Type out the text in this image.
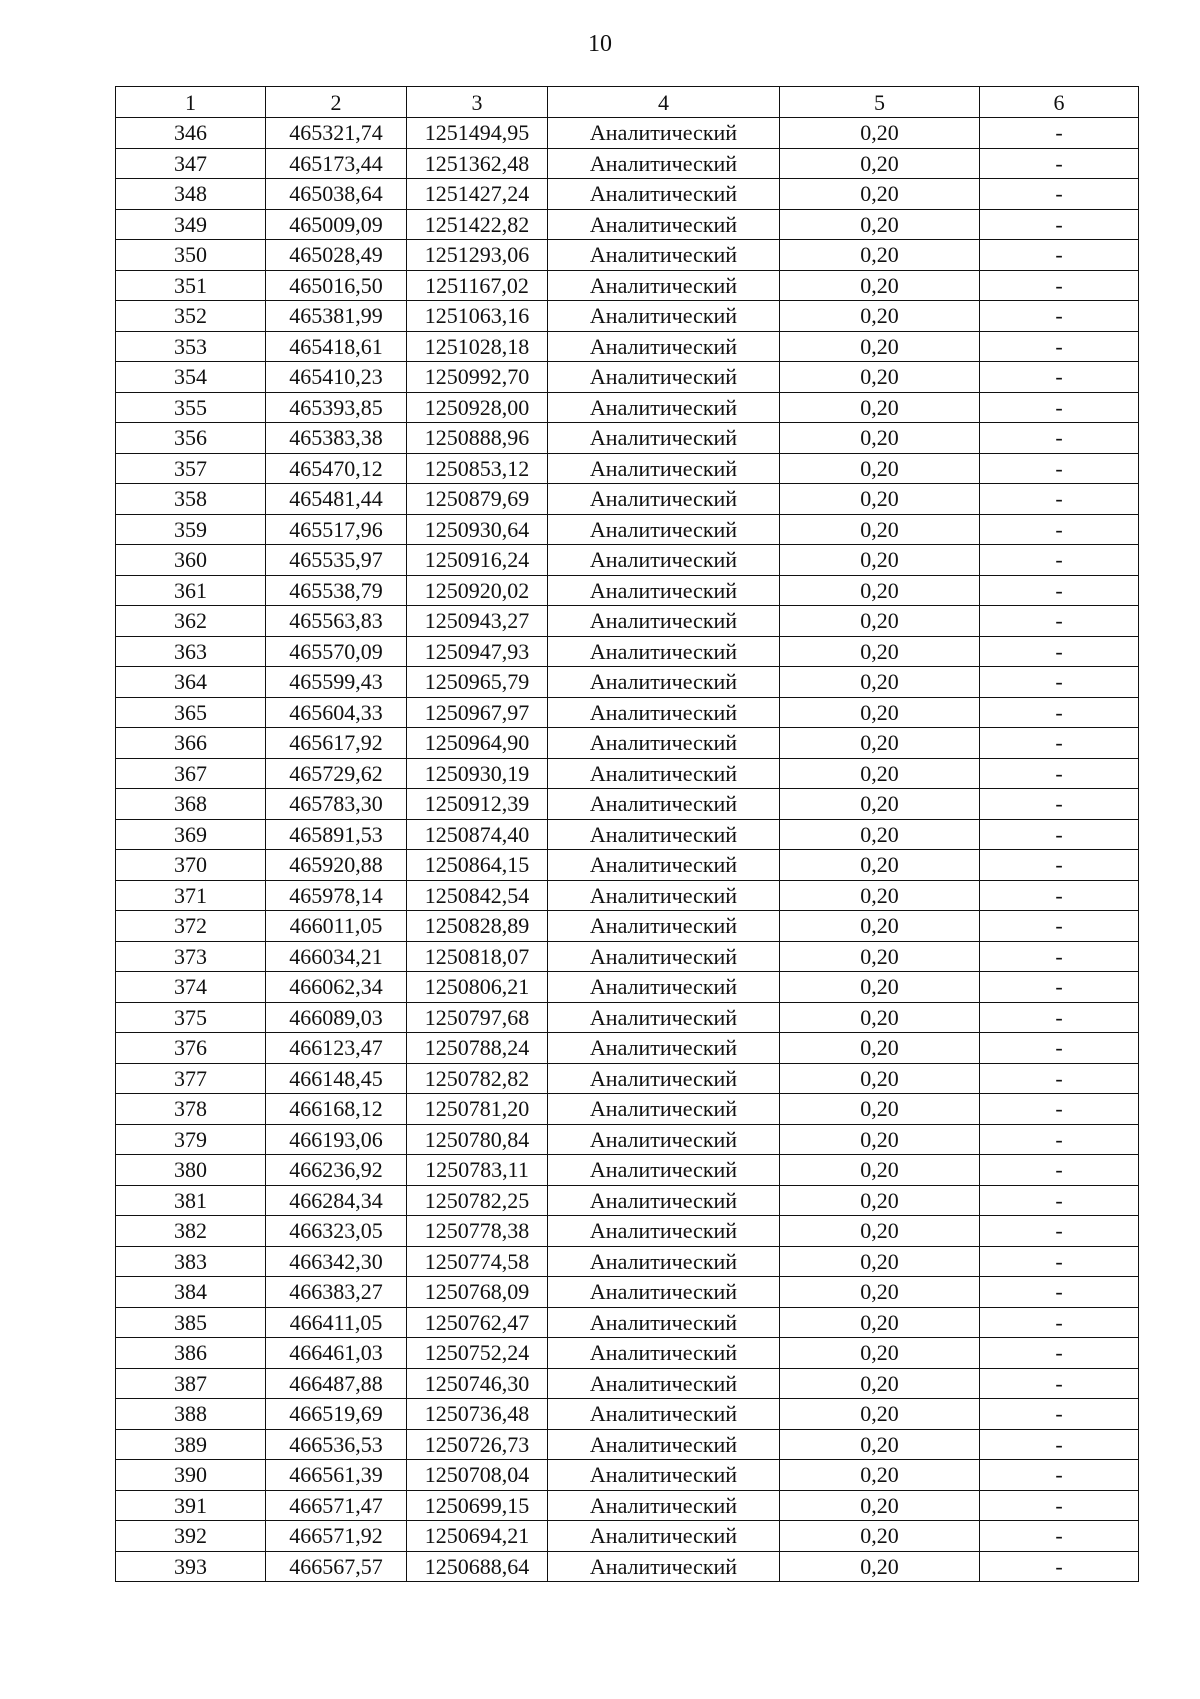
10
1	2	3	4	5	6
346	465321,74	1251494,95	Аналитический	0,20	-
347	465173,44	1251362,48	Аналитический	0,20	-
348	465038,64	1251427,24	Аналитический	0,20	-
349	465009,09	1251422,82	Аналитический	0,20	-
350	465028,49	1251293,06	Аналитический	0,20	-
351	465016,50	1251167,02	Аналитический	0,20	-
352	465381,99	1251063,16	Аналитический	0,20	-
353	465418,61	1251028,18	Аналитический	0,20	-
354	465410,23	1250992,70	Аналитический	0,20	-
355	465393,85	1250928,00	Аналитический	0,20	-
356	465383,38	1250888,96	Аналитический	0,20	-
357	465470,12	1250853,12	Аналитический	0,20	-
358	465481,44	1250879,69	Аналитический	0,20	-
359	465517,96	1250930,64	Аналитический	0,20	-
360	465535,97	1250916,24	Аналитический	0,20	-
361	465538,79	1250920,02	Аналитический	0,20	-
362	465563,83	1250943,27	Аналитический	0,20	-
363	465570,09	1250947,93	Аналитический	0,20	-
364	465599,43	1250965,79	Аналитический	0,20	-
365	465604,33	1250967,97	Аналитический	0,20	-
366	465617,92	1250964,90	Аналитический	0,20	-
367	465729,62	1250930,19	Аналитический	0,20	-
368	465783,30	1250912,39	Аналитический	0,20	-
369	465891,53	1250874,40	Аналитический	0,20	-
370	465920,88	1250864,15	Аналитический	0,20	-
371	465978,14	1250842,54	Аналитический	0,20	-
372	466011,05	1250828,89	Аналитический	0,20	-
373	466034,21	1250818,07	Аналитический	0,20	-
374	466062,34	1250806,21	Аналитический	0,20	-
375	466089,03	1250797,68	Аналитический	0,20	-
376	466123,47	1250788,24	Аналитический	0,20	-
377	466148,45	1250782,82	Аналитический	0,20	-
378	466168,12	1250781,20	Аналитический	0,20	-
379	466193,06	1250780,84	Аналитический	0,20	-
380	466236,92	1250783,11	Аналитический	0,20	-
381	466284,34	1250782,25	Аналитический	0,20	-
382	466323,05	1250778,38	Аналитический	0,20	-
383	466342,30	1250774,58	Аналитический	0,20	-
384	466383,27	1250768,09	Аналитический	0,20	-
385	466411,05	1250762,47	Аналитический	0,20	-
386	466461,03	1250752,24	Аналитический	0,20	-
387	466487,88	1250746,30	Аналитический	0,20	-
388	466519,69	1250736,48	Аналитический	0,20	-
389	466536,53	1250726,73	Аналитический	0,20	-
390	466561,39	1250708,04	Аналитический	0,20	-
391	466571,47	1250699,15	Аналитический	0,20	-
392	466571,92	1250694,21	Аналитический	0,20	-
393	466567,57	1250688,64	Аналитический	0,20	-
